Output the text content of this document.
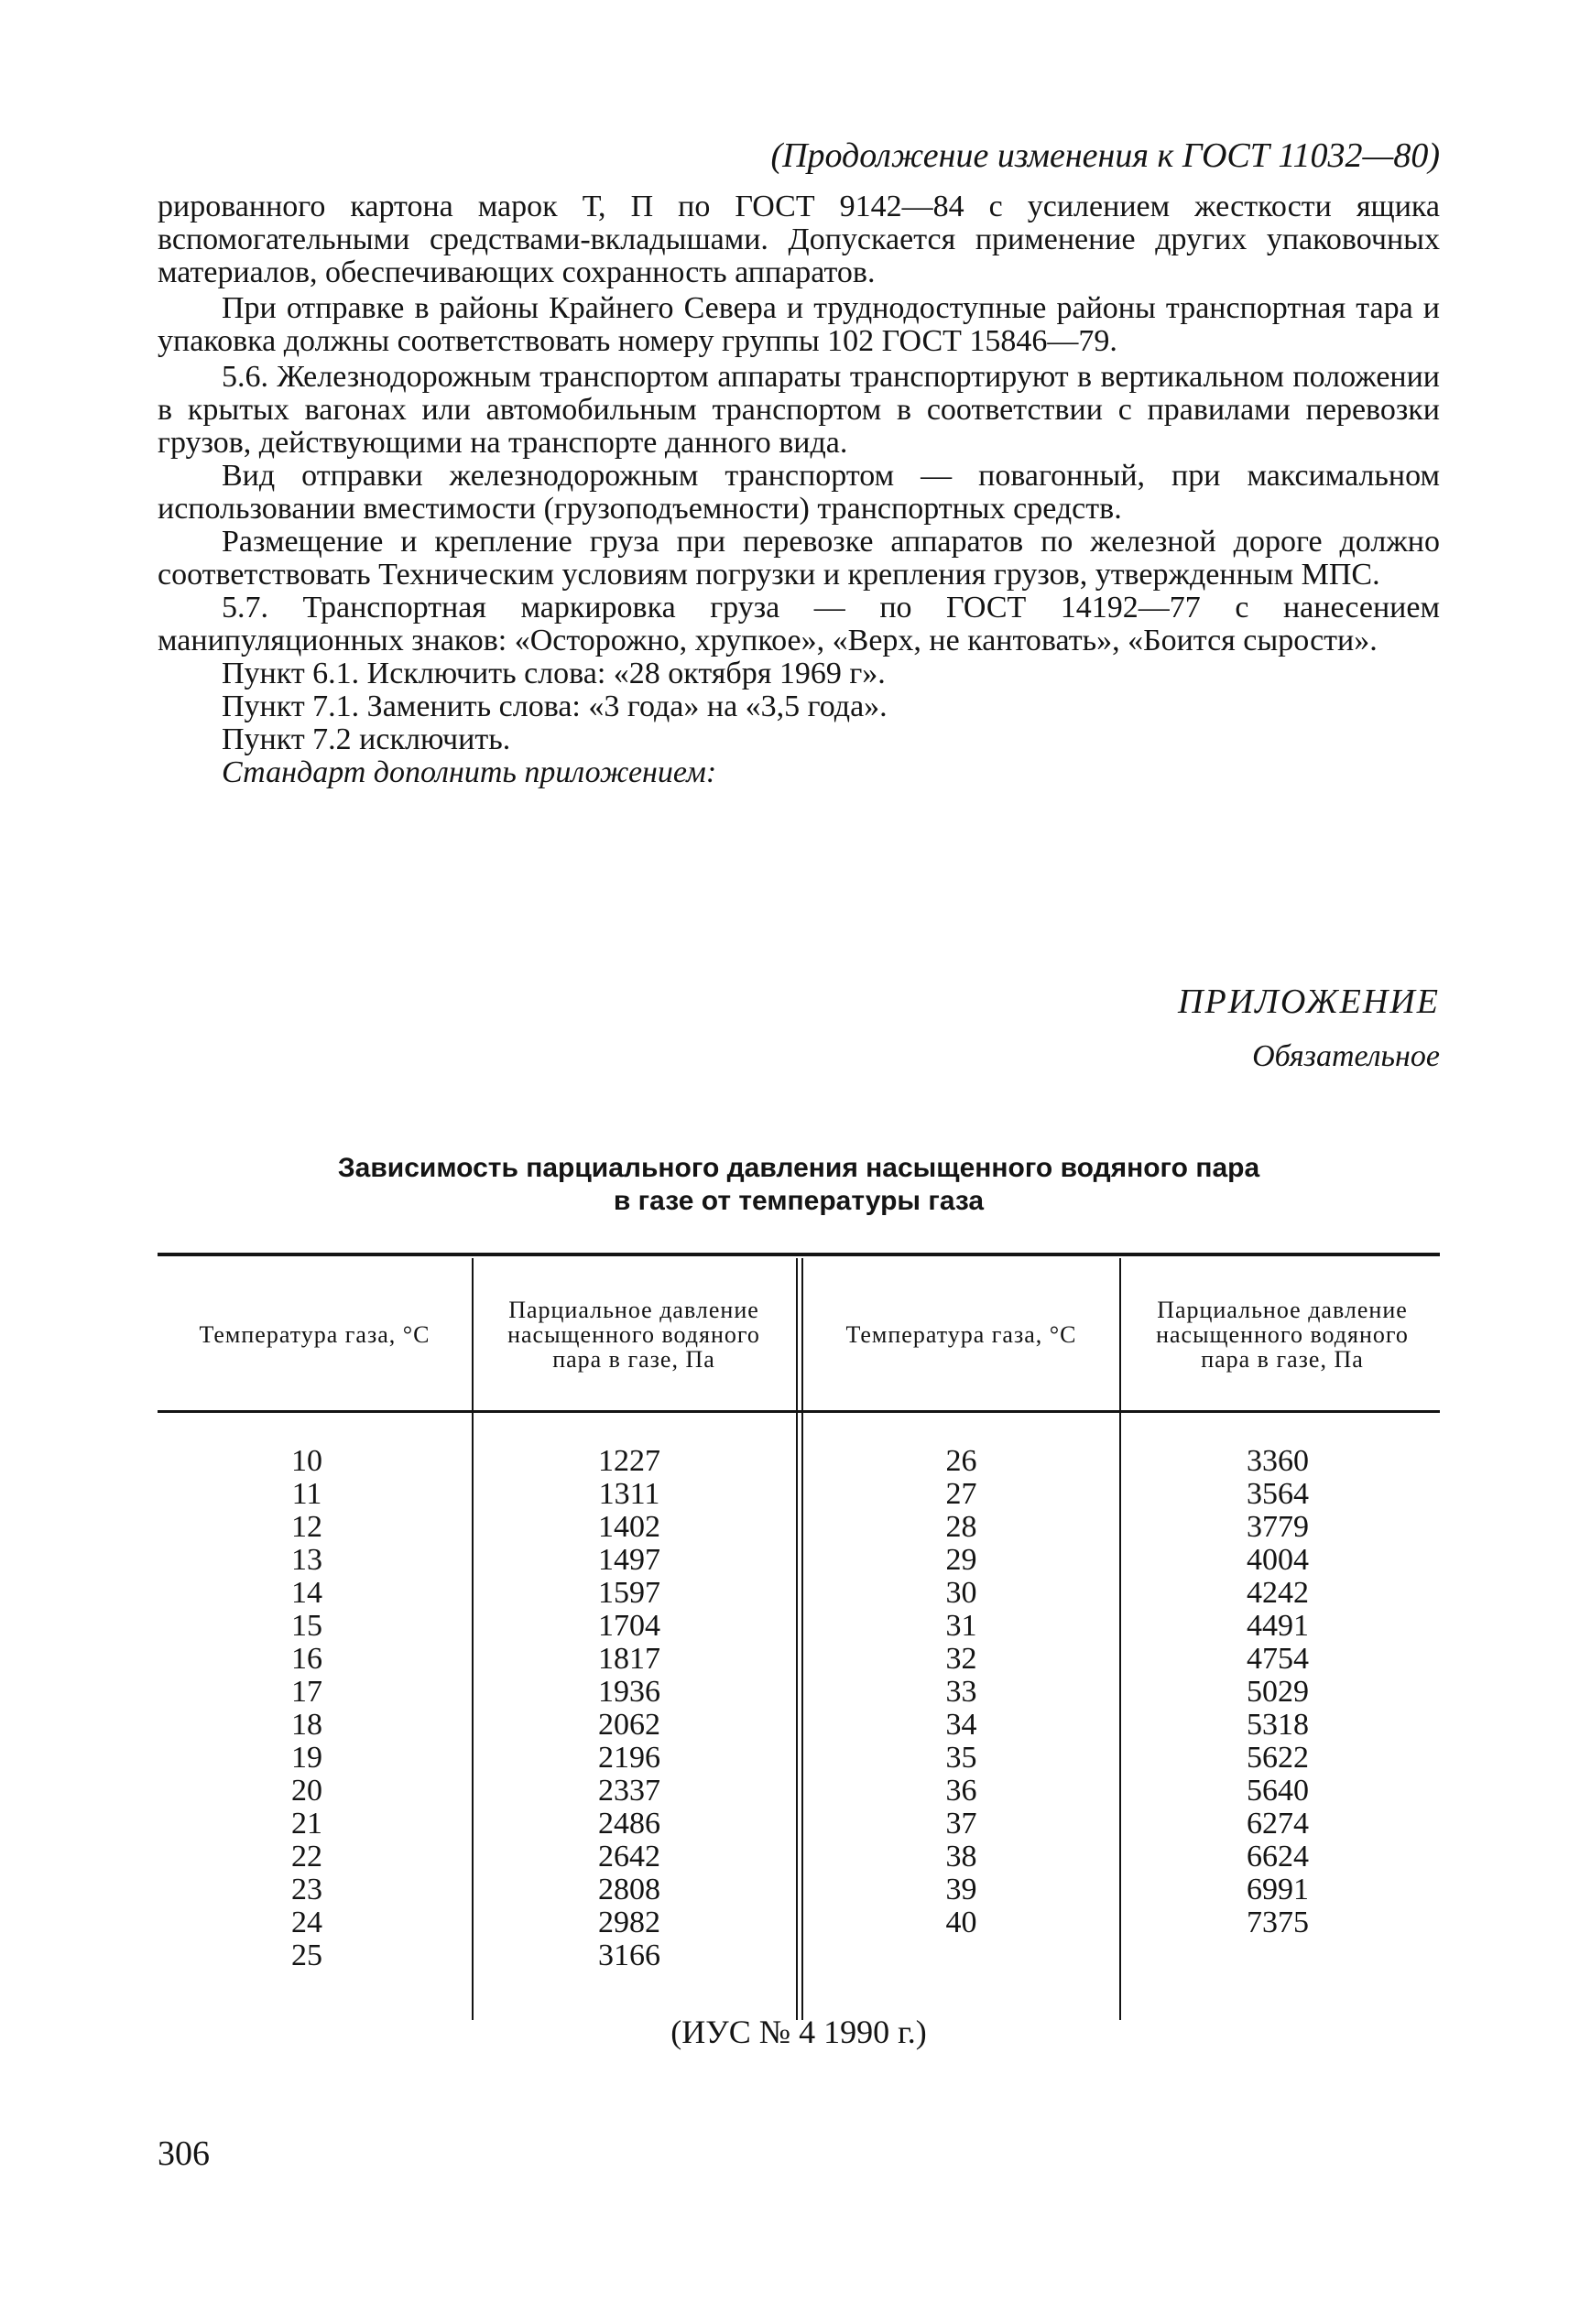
(Продолжение изменения к ГОСТ 11032—80)

рированного картона марок Т, П по ГОСТ 9142—84 с усилением жесткости ящика вспомогательными средствами-вкладышами. Допускается применение других упаковочных материалов, обеспечивающих сохранность аппаратов.

При отправке в районы Крайнего Севера и труднодоступные районы транспортная тара и упаковка должны соответствовать номеру группы 102 ГОСТ 15846—79.

5.6. Железнодорожным транспортом аппараты транспортируют в вертикальном положении в крытых вагонах или автомобильным транспортом в соответствии с правилами перевозки грузов, действующими на транспорте данного вида.

Вид отправки железнодорожным транспортом — повагонный, при максимальном использовании вместимости (грузоподъемности) транспортных средств.

Размещение и крепление груза при перевозке аппаратов по железной дороге должно соответствовать Техническим условиям погрузки и крепления грузов, утвержденным МПС.

5.7. Транспортная маркировка груза — по ГОСТ 14192—77 с нанесением манипуляционных знаков: «Осторожно, хрупкое», «Верх, не кантовать», «Боится сырости».

Пункт 6.1. Исключить слова: «28 октября 1969 г».

Пункт 7.1. Заменить слова: «3 года» на «3,5 года».

Пункт 7.2 исключить.

Стандарт дополнить приложением:

ПРИЛОЖЕНИЕ
Обязательное
Зависимость парциального давления насыщенного водяного пара
в газе от температуры газа
Температура газа, °C
Парциальное давление насыщенного водяного пара в газе, Па
Температура газа, °C
Парциальное давление насыщенного водяного пара в газе, Па
10
11
12
13
14
15
16
17
18
19
20
21
22
23
24
25
1227
1311
1402
1497
1597
1704
1817
1936
2062
2196
2337
2486
2642
2808
2982
3166
26
27
28
29
30
31
32
33
34
35
36
37
38
39
40
3360
3564
3779
4004
4242
4491
4754
5029
5318
5622
5640
6274
6624
6991
7375
(ИУС № 4 1990 г.)
306
